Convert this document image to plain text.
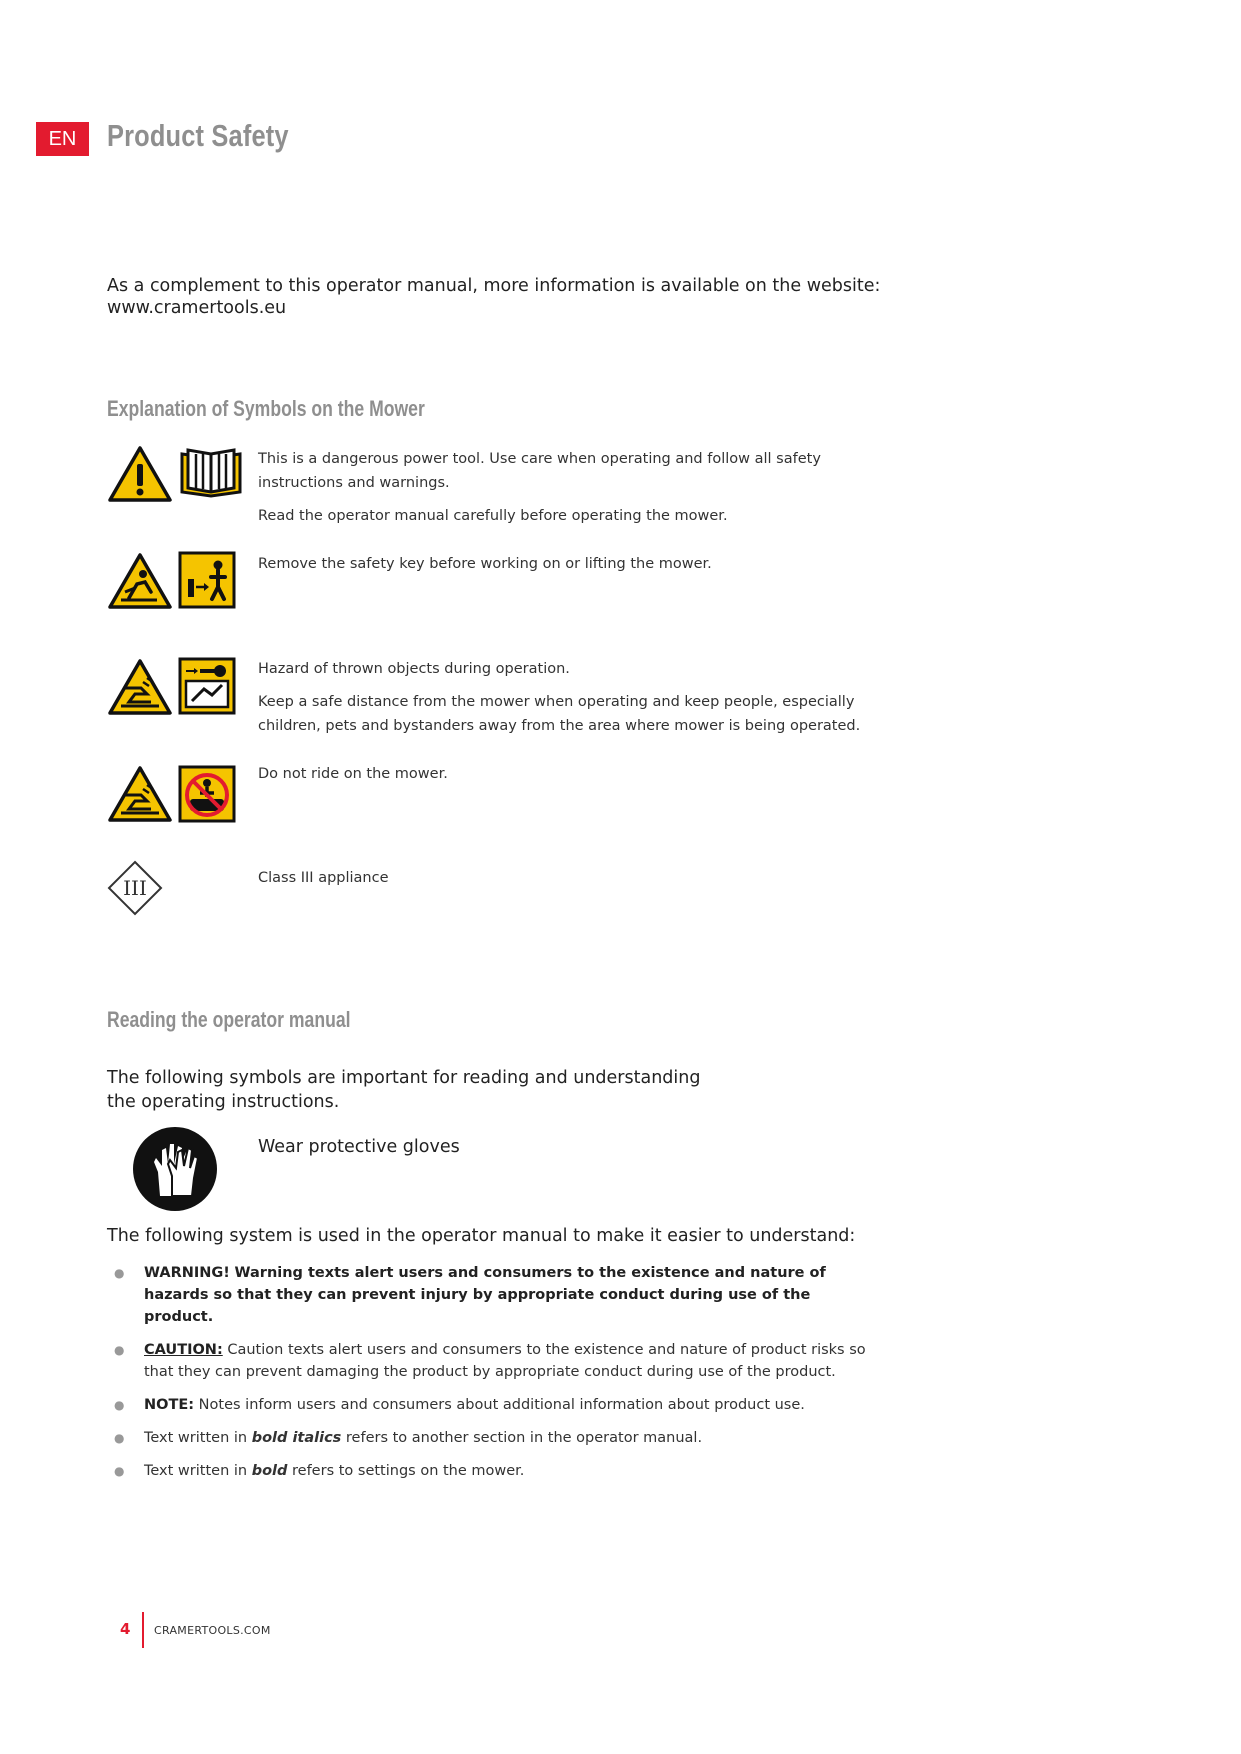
EN Product Safety
As a complement to this operator manual, more information is available on the website:
www.cramertools.eu
Explanation of Symbols on the Mower

This is a dangerous power tool. Use care when operating and follow all safety instructions and warnings.

Read the operator manual carefully before operating the mower.

Remove the safety key before working on or lifting the mower.

Hazard of thrown objects during operation.

Keep a safe distance from the mower when operating and keep people, especially children, pets and bystanders away from the area where mower is being operated.

Do not ride on the mower.

III	Class III appliance

Reading the operator manual
The following symbols are important for reading and understanding
the operating instructions.
Wear protective gloves
The following system is used in the operator manual to make it easier to understand:
● WARNING! Warning texts alert users and consumers to the existence and nature of hazards so that they can prevent injury by appropriate conduct during use of the product.
● CAUTION: Caution texts alert users and consumers to the existence and nature of product risks so that they can prevent damaging the product by appropriate conduct during use of the product.
● NOTE: Notes inform users and consumers about additional information about product use.
● Text written in bold italics refers to another section in the operator manual.
● Text written in bold refers to settings on the mower.
4 CRAMERTOOLS.COM
